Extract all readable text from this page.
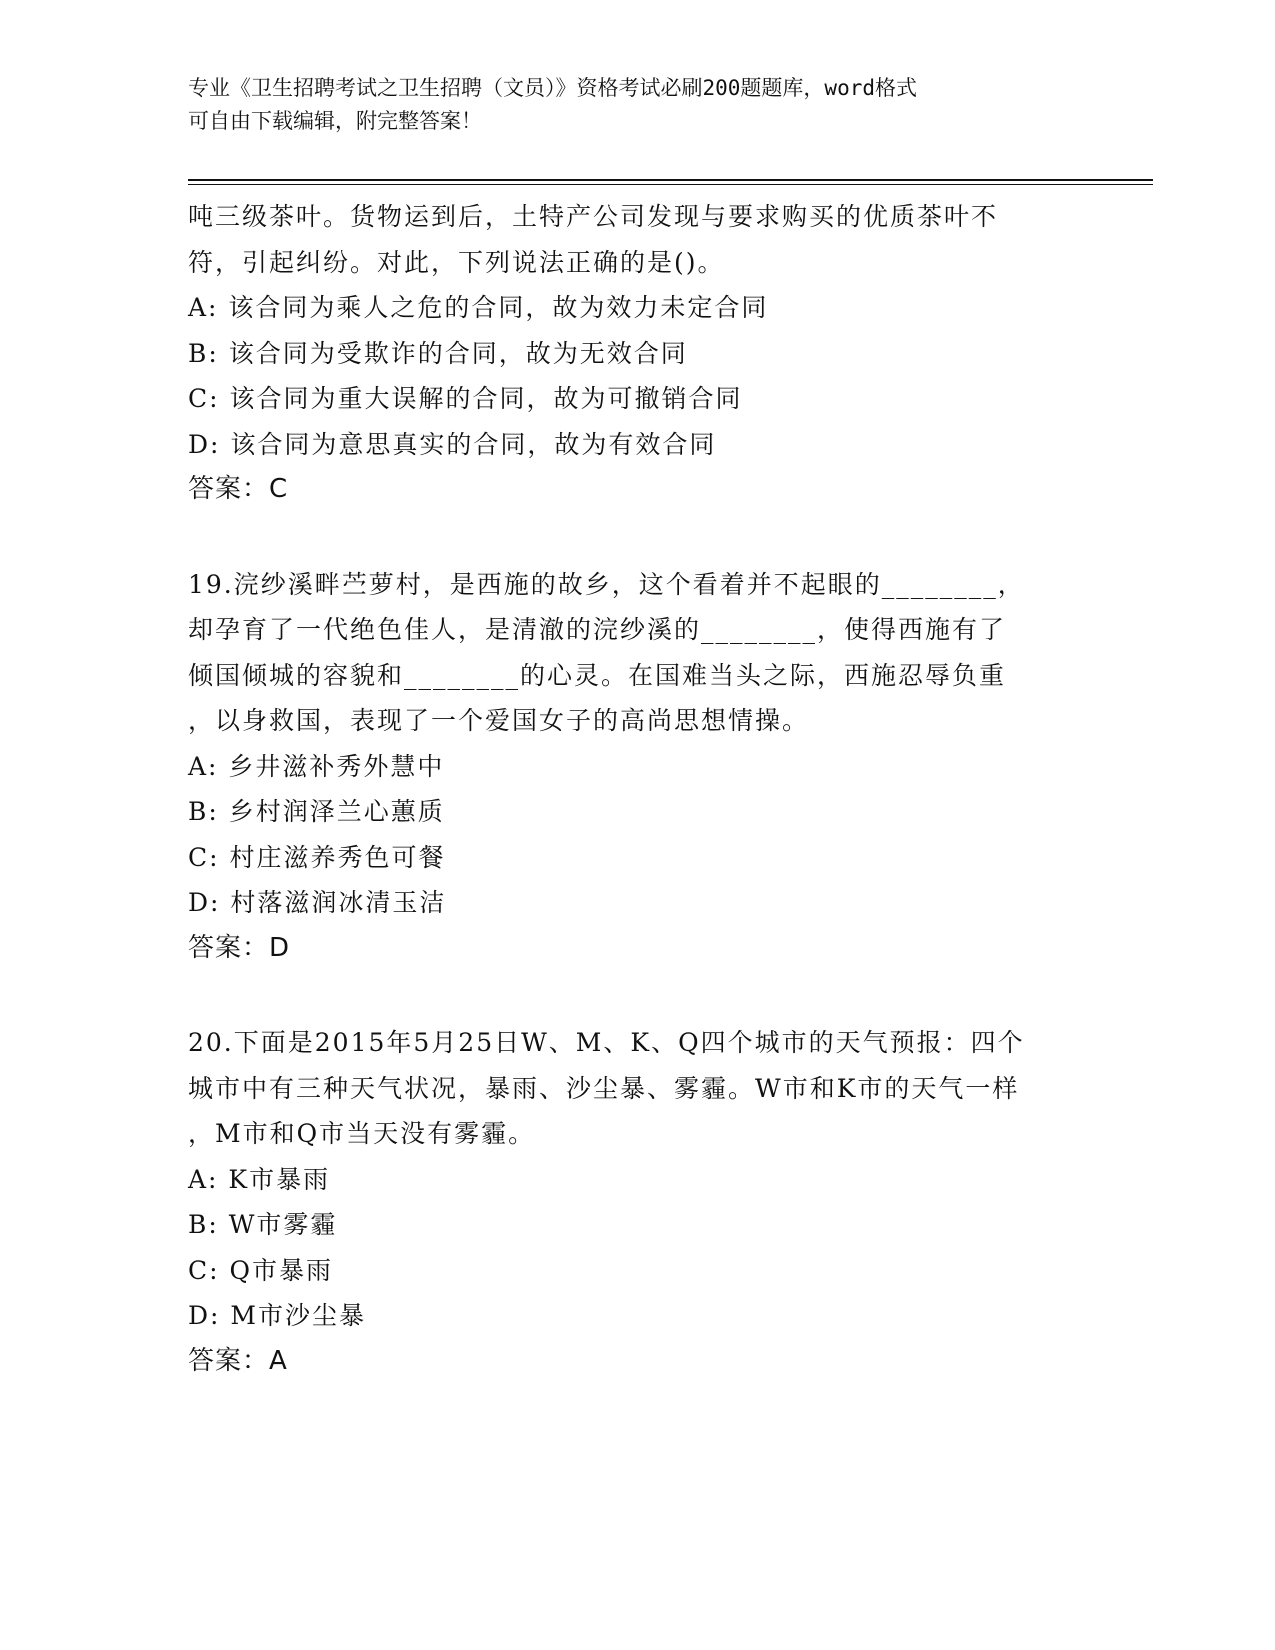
专业《卫生招聘考试之卫生招聘（文员）》资格考试必刷200题题库，word格式
可自由下载编辑，附完整答案！
吨三级茶叶。货物运到后，土特产公司发现与要求购买的优质茶叶不
符，引起纠纷。对此，下列说法正确的是()。
A: 该合同为乘人之危的合同，故为效力未定合同
B: 该合同为受欺诈的合同，故为无效合同
C: 该合同为重大误解的合同，故为可撤销合同
D: 该合同为意思真实的合同，故为有效合同
答案：C
19.浣纱溪畔苎萝村，是西施的故乡，这个看着并不起眼的________，
却孕育了一代绝色佳人，是清澈的浣纱溪的________，使得西施有了
倾国倾城的容貌和________的心灵。在国难当头之际，西施忍辱负重
，以身救国，表现了一个爱国女子的高尚思想情操。
A: 乡井滋补秀外慧中
B: 乡村润泽兰心蕙质
C: 村庄滋养秀色可餐
D: 村落滋润冰清玉洁
答案：D
20.下面是2015年5月25日W、M、K、Q四个城市的天气预报：四个
城市中有三种天气状况，暴雨、沙尘暴、雾霾。W市和K市的天气一样
，M市和Q市当天没有雾霾。
A: K市暴雨
B: W市雾霾
C: Q市暴雨
D: M市沙尘暴
答案：A
